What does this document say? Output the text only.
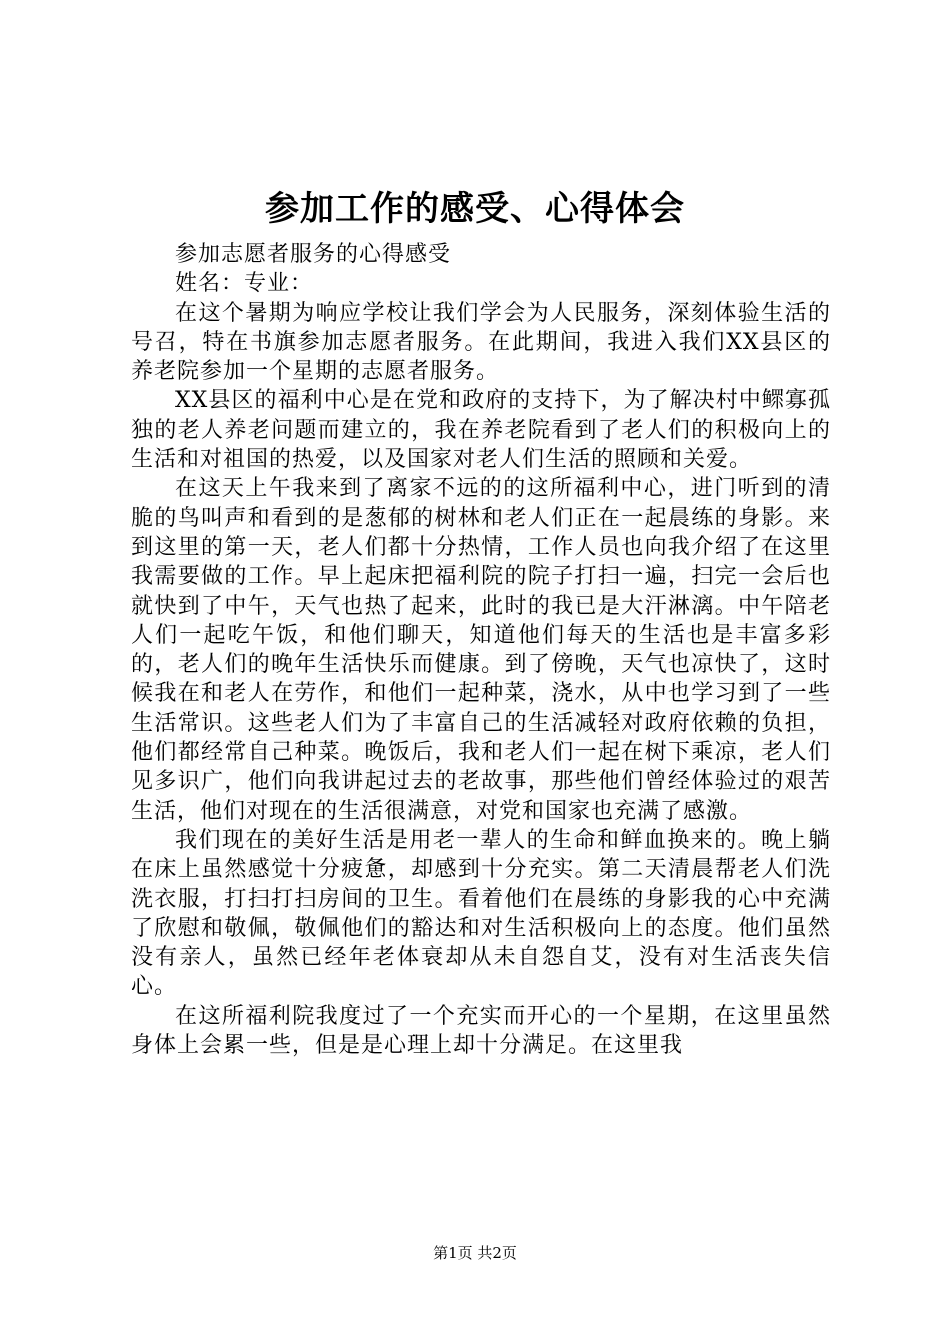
参加工作的感受、心得体会

参加志愿者服务的心得感受

姓名：专业：

在这个暑期为响应学校让我们学会为人民服务，深刻体验生活的号召，特在书旗参加志愿者服务。在此期间，我进入我们XX县区的养老院参加一个星期的志愿者服务。

XX县区的福利中心是在党和政府的支持下，为了解决村中鳏寡孤独的老人养老问题而建立的，我在养老院看到了老人们的积极向上的生活和对祖国的热爱，以及国家对老人们生活的照顾和关爱。

在这天上午我来到了离家不远的的这所福利中心，进门听到的清脆的鸟叫声和看到的是葱郁的树林和老人们正在一起晨练的身影。来到这里的第一天，老人们都十分热情，工作人员也向我介绍了在这里我需要做的工作。早上起床把福利院的院子打扫一遍，扫完一会后也就快到了中午，天气也热了起来，此时的我已是大汗淋漓。中午陪老人们一起吃午饭，和他们聊天，知道他们每天的生活也是丰富多彩的，老人们的晚年生活快乐而健康。到了傍晚，天气也凉快了，这时候我在和老人在劳作，和他们一起种菜，浇水，从中也学习到了一些生活常识。这些老人们为了丰富自己的生活减轻对政府依赖的负担，他们都经常自己种菜。晚饭后，我和老人们一起在树下乘凉，老人们见多识广，他们向我讲起过去的老故事，那些他们曾经体验过的艰苦生活，他们对现在的生活很满意，对党和国家也充满了感激。

我们现在的美好生活是用老一辈人的生命和鲜血换来的。晚上躺在床上虽然感觉十分疲惫，却感到十分充实。第二天清晨帮老人们洗洗衣服，打扫打扫房间的卫生。看着他们在晨练的身影我的心中充满了欣慰和敬佩，敬佩他们的豁达和对生活积极向上的态度。他们虽然没有亲人，虽然已经年老体衰却从未自怨自艾，没有对生活丧失信心。

在这所福利院我度过了一个充实而开心的一个星期，在这里虽然身体上会累一些，但是是心理上却十分满足。在这里我

第1页 共2页
